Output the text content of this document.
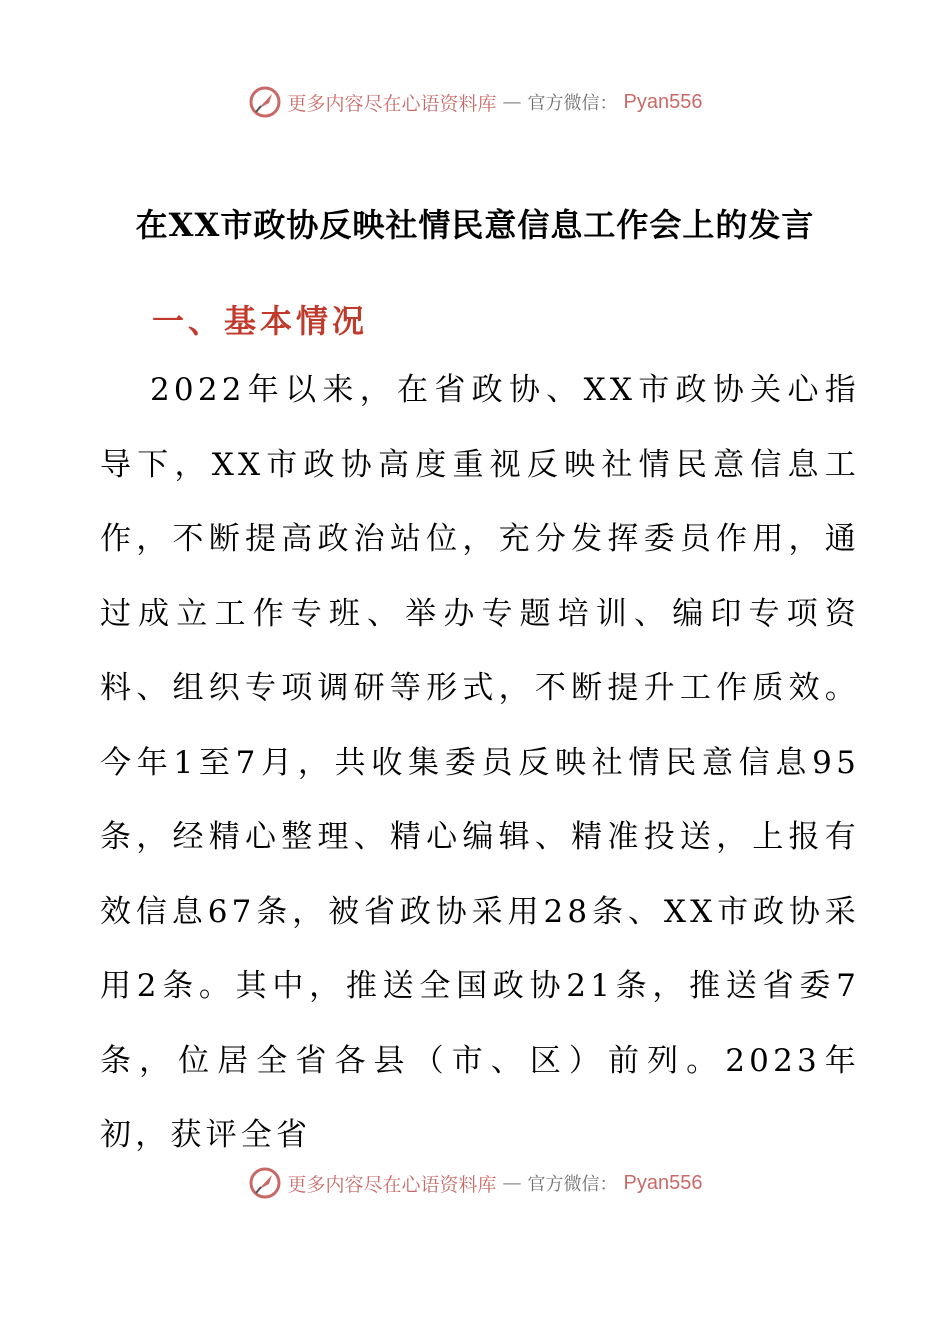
更多内容尽在心语资料库 — 官方微信： Pyan556
在XX市政协反映社情民意信息工作会上的发言
一、基本情况

2022年以来，在省政协、XX市政协关心指导下，XX市政协高度重视反映社情民意信息工作，不断提高政治站位，充分发挥委员作用，通过成立工作专班、举办专题培训、编印专项资料、组织专项调研等形式，不断提升工作质效。今年1至7月，共收集委员反映社情民意信息95条，经精心整理、精心编辑、精准投送，上报有效信息67条，被省政协采用28条、XX市政协采用2条。其中，推送全国政协21条，推送省委7条，位居全省各县（市、区）前列。2023年初，获评全省

更多内容尽在心语资料库 — 官方微信： Pyan556
